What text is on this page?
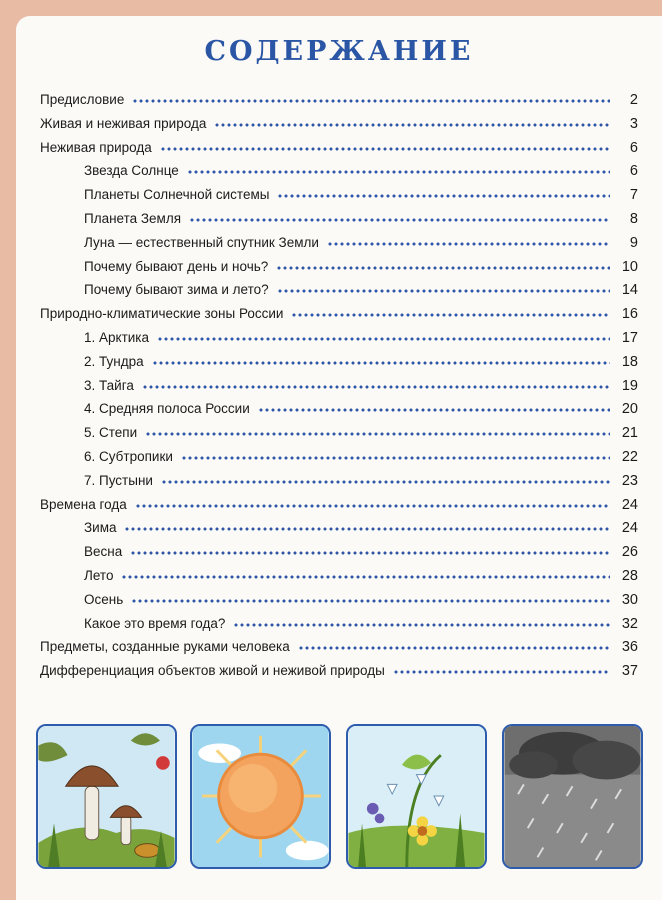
СОДЕРЖАНИЕ
Предисловие	2
Живая и неживая природа	3
Неживая природа	6
Звезда Солнце	6
Планеты Солнечной системы	7
Планета Земля	8
Луна — естественный спутник Земли	9
Почему бывают день и ночь?	10
Почему бывают зима и лето?	14
Природно-климатические зоны России	16
1. Арктика	17
2. Тундра	18
3. Тайга	19
4. Средняя полоса России	20
5. Степи	21
6. Субтропики	22
7. Пустыни	23
Времена года	24
Зима	24
Весна	26
Лето	28
Осень	30
Какое это время года?	32
Предметы, созданные руками человека	36
Дифференциация объектов живой и неживой природы	37
